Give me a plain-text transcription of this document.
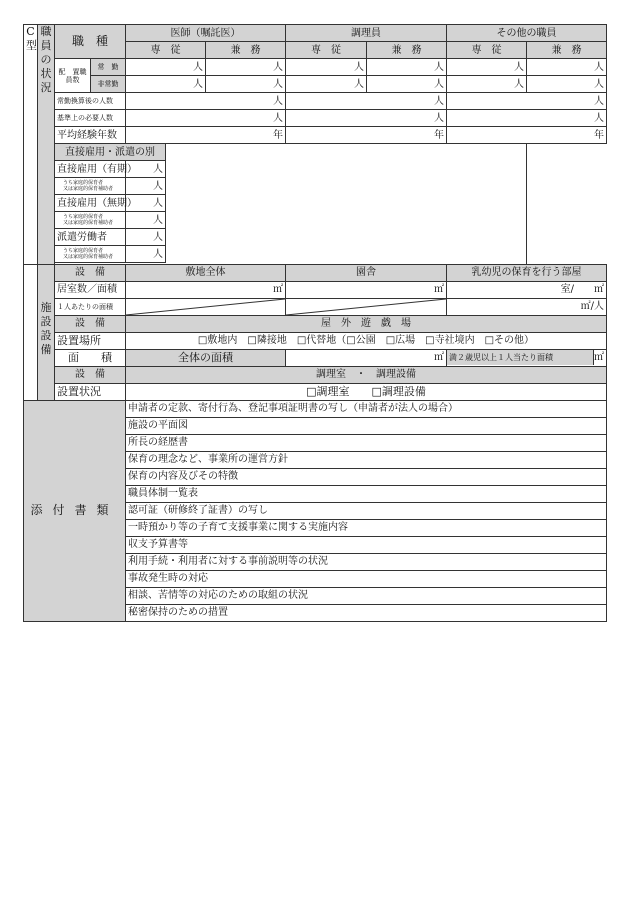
C型	職員の状況	職　種		医師（嘱託医）			調理員		その他の職員	
				専　従		兼　務	専　従	兼　務	専　従	兼　務
		配　置職員数	常　勤	人		人	人	人	人	人
			非常勤	人		人	人	人	人	人
		常勤換算後の人数		人			人		人	
		基準上の必要人数		人			人		人	
		平均経験年数		年			年		年	
		直接雇用・派遣の別								
		直接雇用（有期）		人						
		うち家庭的保育者
又は家庭的保育補助者		人						
		直接雇用（無期）		人						
		うち家庭的保育者
又は家庭的保育補助者		人						
		派遣労働者		人						
		うち家庭的保育者
又は家庭的保育補助者		人						

	施設設備	設　備	敷地全体	園舎	乳幼児の保育を行う部屋
		居室数／面積	㎡	㎡	室/　　 ㎡
		１人あたりの面積			㎡/人
		設　備	屋　外　遊　戯　場		
		設置場所	□敷地内　□隣接地　□代替地（□公園　□広場　□寺社境内　□その他）		
		面　　積	全体の面積	㎡	満２歳児以上１人当たり面積 ㎡

		設　備	調理室　・　調理設備		
		設置状況	□調理室　　□調理設備		
添付書類	申請者の定款、寄付行為、登記事項証明書の写し（申請者が法人の場合）
施設の平面図
所長の経歴書
保育の理念など、事業所の運営方針
保育の内容及びその特徴
職員体制一覧表
認可証（研修終了証書）の写し
一時預かり等の子育て支援事業に関する実施内容
収支予算書等
利用手続・利用者に対する事前説明等の状況
事故発生時の対応
相談、苦情等の対応のための取組の状況
秘密保持のための措置
